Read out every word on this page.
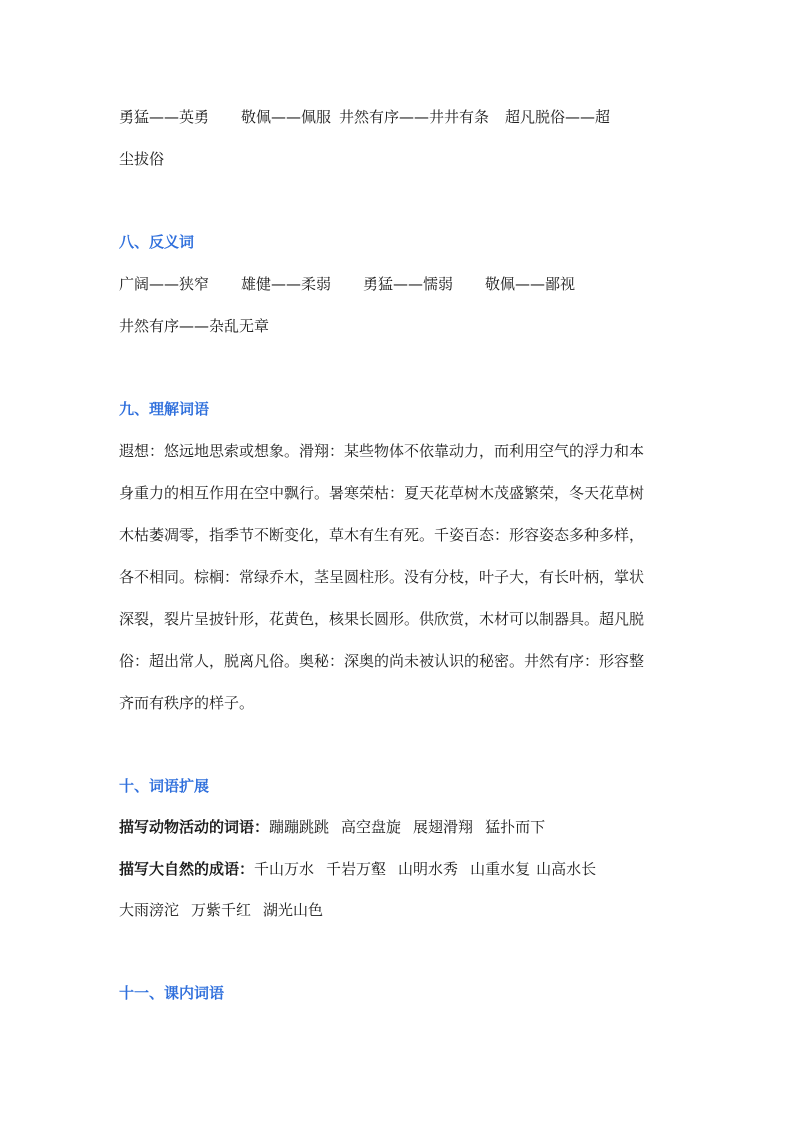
勇猛——英勇 敬佩——佩服 井然有序——井井有条 超凡脱俗——超
尘拔俗
八、反义词
广阔——狭窄 雄健——柔弱 勇猛——懦弱 敬佩——鄙视
井然有序——杂乱无章
九、理解词语
遐想：悠远地思索或想象。滑翔：某些物体不依靠动力，而利用空气的浮力和本
身重力的相互作用在空中飘行。暑寒荣枯：夏天花草树木茂盛繁荣，冬天花草树
木枯萎凋零，指季节不断变化，草木有生有死。千姿百态：形容姿态多种多样，
各不相同。棕榈：常绿乔木，茎呈圆柱形。没有分枝，叶子大，有长叶柄，掌状
深裂，裂片呈披针形，花黄色，核果长圆形。供欣赏，木材可以制器具。超凡脱
俗：超出常人，脱离凡俗。奥秘：深奥的尚未被认识的秘密。井然有序：形容整
齐而有秩序的样子。
十、词语扩展
描写动物活动的词语：蹦蹦跳跳 高空盘旋 展翅滑翔 猛扑而下
描写大自然的成语：千山万水 千岩万壑 山明水秀 山重水复 山高水长
大雨滂沱 万紫千红 湖光山色
十一、课内词语
